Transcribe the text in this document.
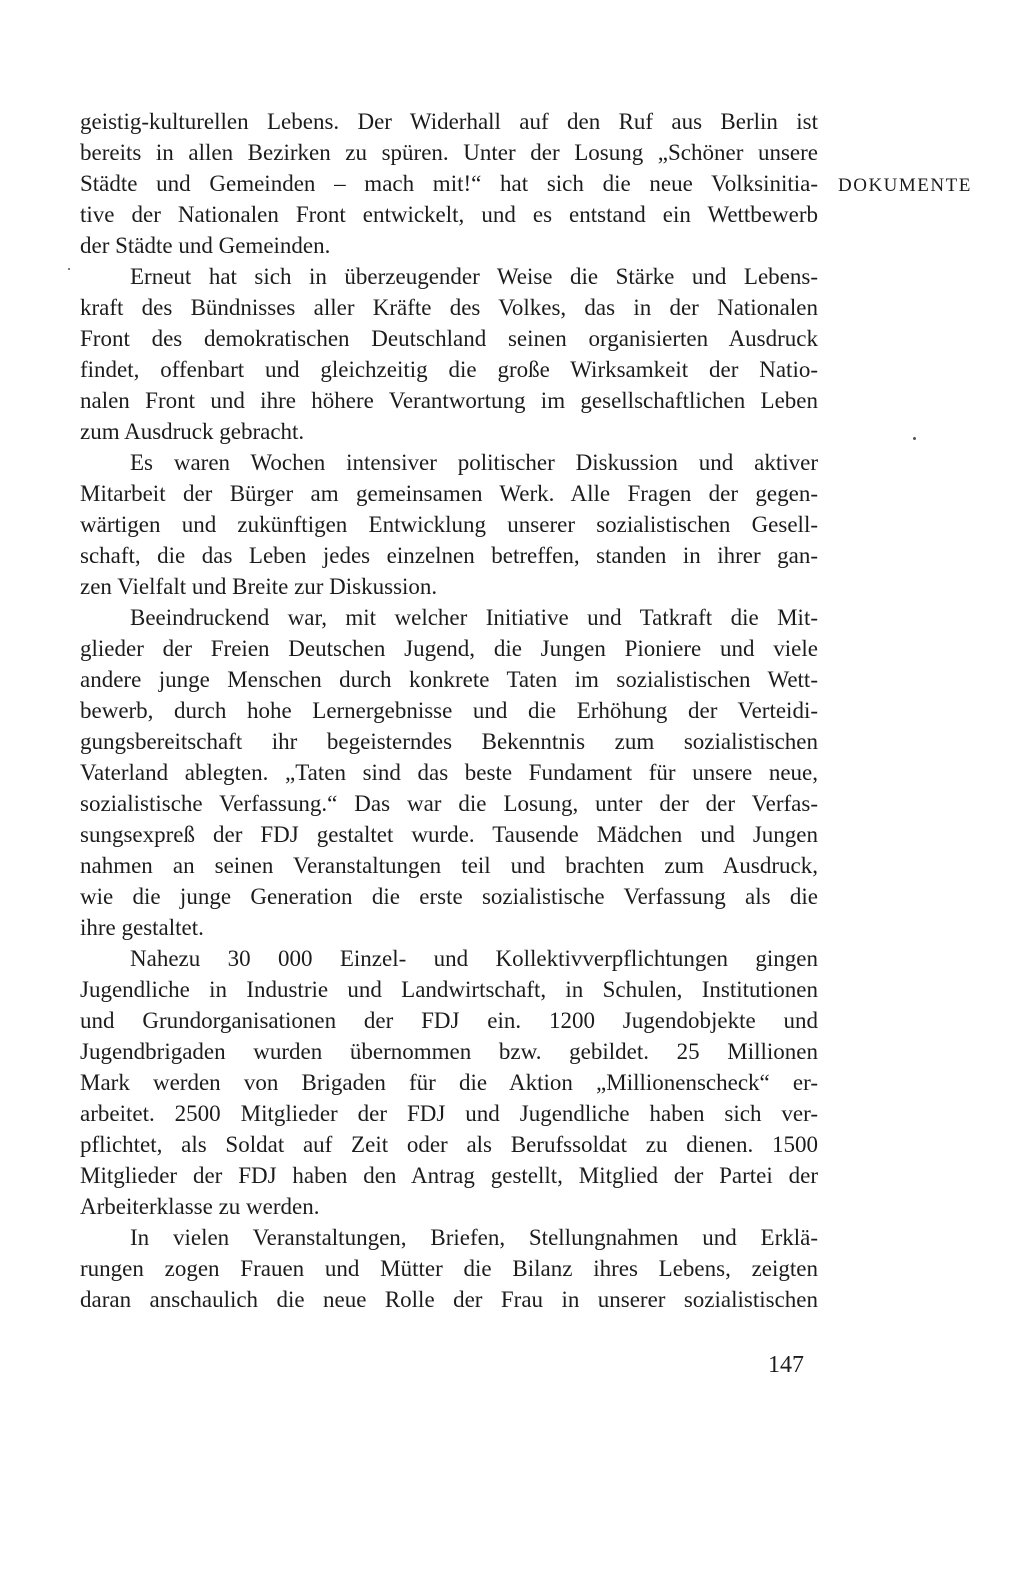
geistig-kulturellen Lebens. Der Widerhall auf den Ruf aus Berlin ist
bereits in allen Bezirken zu spüren. Unter der Losung „Schöner unsere
Städte und Gemeinden – mach mit!“ hat sich die neue Volksinitia-
tive der Nationalen Front entwickelt, und es entstand ein Wettbewerb
der Städte und Gemeinden.
Erneut hat sich in überzeugender Weise die Stärke und Lebens-
kraft des Bündnisses aller Kräfte des Volkes, das in der Nationalen
Front des demokratischen Deutschland seinen organisierten Ausdruck
findet, offenbart und gleichzeitig die große Wirksamkeit der Natio-
nalen Front und ihre höhere Verantwortung im gesellschaftlichen Leben
zum Ausdruck gebracht.
Es waren Wochen intensiver politischer Diskussion und aktiver
Mitarbeit der Bürger am gemeinsamen Werk. Alle Fragen der gegen-
wärtigen und zukünftigen Entwicklung unserer sozialistischen Gesell-
schaft, die das Leben jedes einzelnen betreffen, standen in ihrer gan-
zen Vielfalt und Breite zur Diskussion.
Beeindruckend war, mit welcher Initiative und Tatkraft die Mit-
glieder der Freien Deutschen Jugend, die Jungen Pioniere und viele
andere junge Menschen durch konkrete Taten im sozialistischen Wett-
bewerb, durch hohe Lernergebnisse und die Erhöhung der Verteidi-
gungsbereitschaft ihr begeisterndes Bekenntnis zum sozialistischen
Vaterland ablegten. „Taten sind das beste Fundament für unsere neue,
sozialistische Verfassung.“ Das war die Losung, unter der der Verfas-
sungsexpreß der FDJ gestaltet wurde. Tausende Mädchen und Jungen
nahmen an seinen Veranstaltungen teil und brachten zum Ausdruck,
wie die junge Generation die erste sozialistische Verfassung als die
ihre gestaltet.
Nahezu 30 000 Einzel- und Kollektivverpflichtungen gingen
Jugendliche in Industrie und Landwirtschaft, in Schulen, Institutionen
und Grundorganisationen der FDJ ein. 1200 Jugendobjekte und
Jugendbrigaden wurden übernommen bzw. gebildet. 25 Millionen
Mark werden von Brigaden für die Aktion „Millionenscheck“ er-
arbeitet. 2500 Mitglieder der FDJ und Jugendliche haben sich ver-
pflichtet, als Soldat auf Zeit oder als Berufssoldat zu dienen. 1500
Mitglieder der FDJ haben den Antrag gestellt, Mitglied der Partei der
Arbeiterklasse zu werden.
In vielen Veranstaltungen, Briefen, Stellungnahmen und Erklä-
rungen zogen Frauen und Mütter die Bilanz ihres Lebens, zeigten
daran anschaulich die neue Rolle der Frau in unserer sozialistischen
DOKUMENTE
147
